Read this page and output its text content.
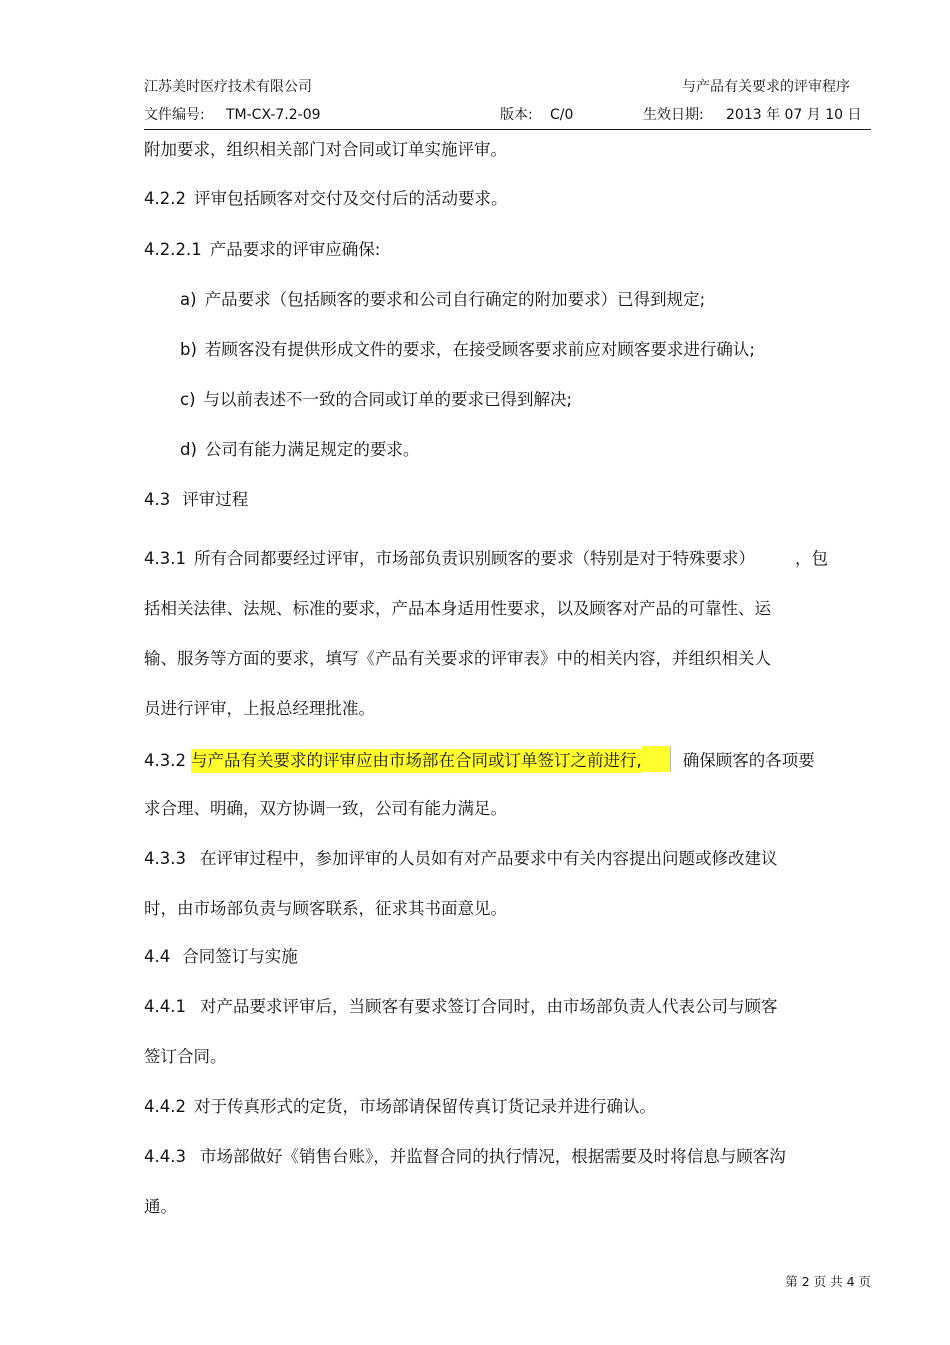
江苏美时医疗技术有限公司	与产品有关要求的评审程序
文件编号: TM-CX-7.2-09	版本: C/0	生效日期: 2013 年 07 月 10 日
附加要求，组织相关部门对合同或订单实施评审。
4.2.2 评审包括顾客对交付及交付后的活动要求。
4.2.2.1 产品要求的评审应确保:
a) 产品要求（包括顾客的要求和公司自行确定的附加要求）已得到规定;
b) 若顾客没有提供形成文件的要求，在接受顾客要求前应对顾客要求进行确认;
c) 与以前表述不一致的合同或订单的要求已得到解决;
d) 公司有能力满足规定的要求。
4.3 评审过程
4.3.1 所有合同都要经过评审，市场部负责识别顾客的要求（特别是对于特殊要求） ，包
括相关法律、法规、标准的要求，产品本身适用性要求，以及顾客对产品的可靠性、运
输、服务等方面的要求，填写《产品有关要求的评审表》中的相关内容，并组织相关人
员进行评审，上报总经理批准。
4.3.2 与产品有关要求的评审应由市场部在合同或订单签订之前进行, 确保顾客的各项要
求合理、明确，双方协调一致，公司有能力满足。
4.3.3 在评审过程中，参加评审的人员如有对产品要求中有关内容提出问题或修改建议
时，由市场部负责与顾客联系，征求其书面意见。
4.4 合同签订与实施
4.4.1 对产品要求评审后，当顾客有要求签订合同时，由市场部负责人代表公司与顾客
签订合同。
4.4.2 对于传真形式的定货，市场部请保留传真订货记录并进行确认。
4.4.3 市场部做好《销售台账》，并监督合同的执行情况，根据需要及时将信息与顾客沟
通。
第 2 页 共 4 页
